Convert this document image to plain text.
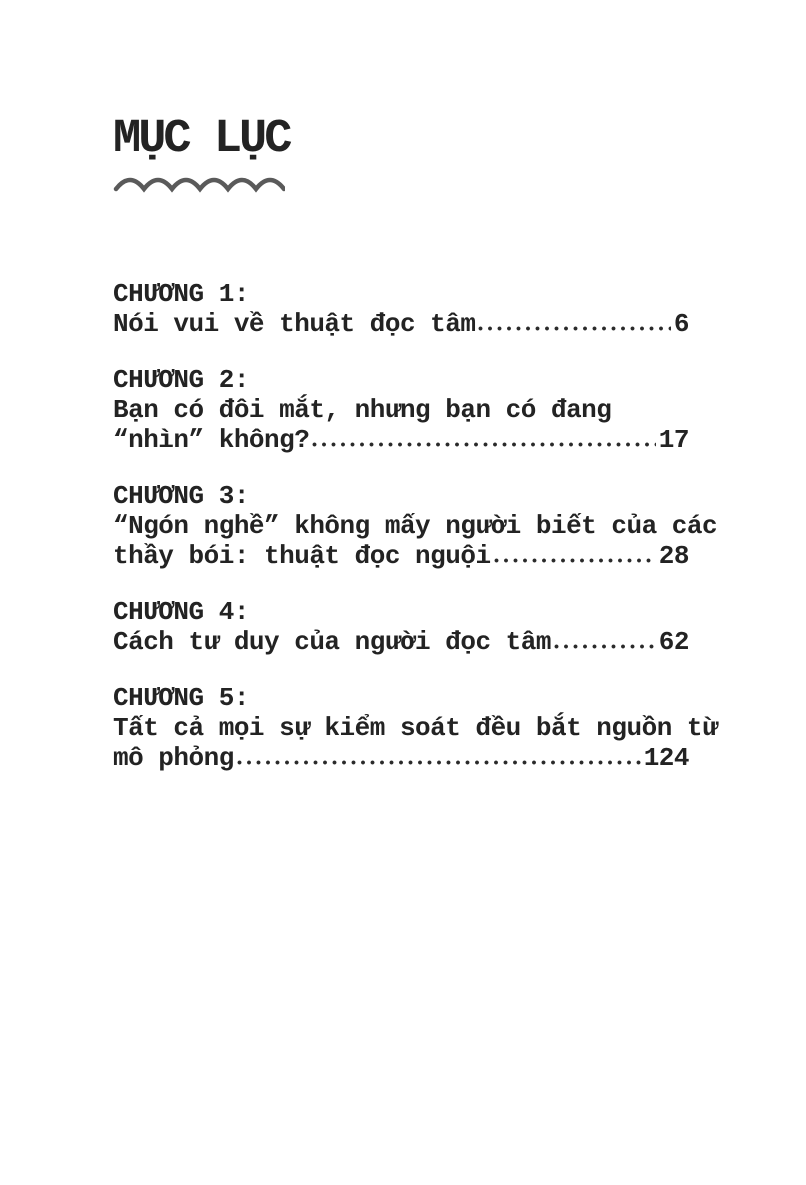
MỤC LỤC
CHƯƠNG 1:
Nói vui về thuật đọc tâm	6
CHƯƠNG 2:
Bạn có đôi mắt, nhưng bạn có đang
“nhìn” không?	17
CHƯƠNG 3:
“Ngón nghề” không mấy người biết của các
thầy bói: thuật đọc nguội	28
CHƯƠNG 4:
Cách tư duy của người đọc tâm	62
CHƯƠNG 5:
Tất cả mọi sự kiểm soát đều bắt nguồn từ
mô phỏng	124
